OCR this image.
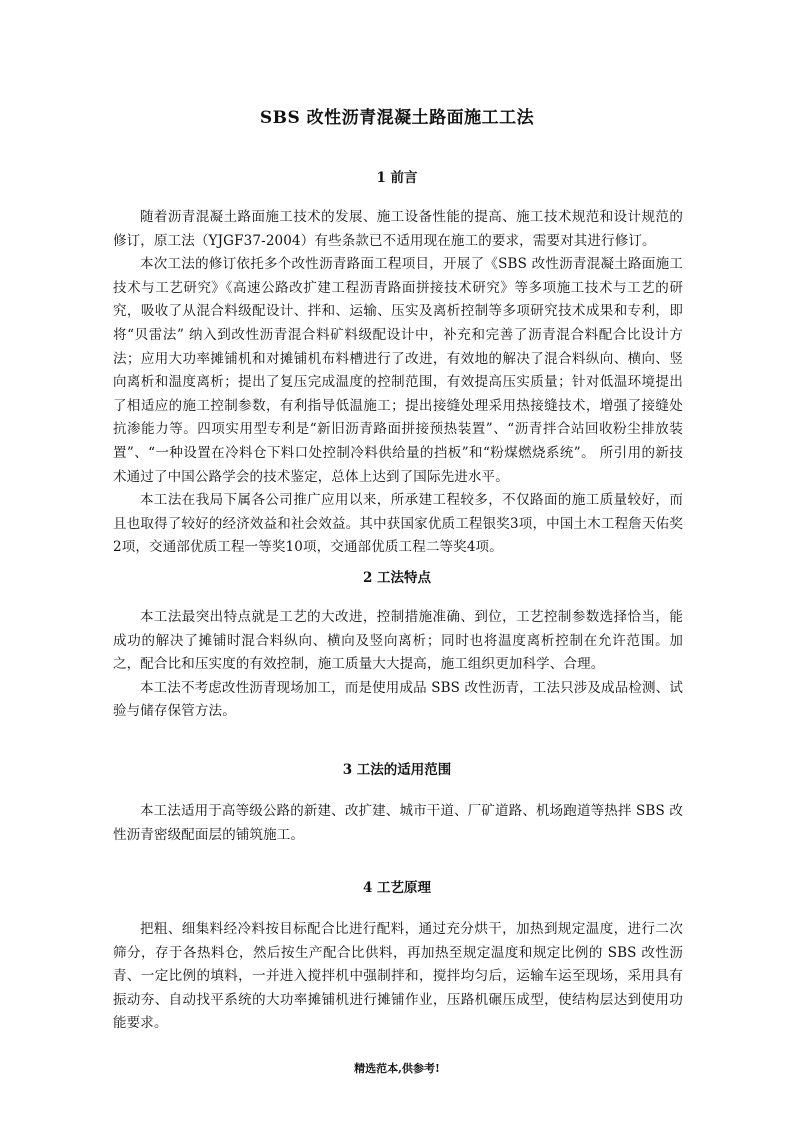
SBS 改性沥青混凝土路面施工工法
1 前言

随着沥青混凝土路面施工技术的发展、施工设备性能的提高、施工技术规范和设计规范的修订，原工法（YJGF37-2004）有些条款已不适用现在施工的要求，需要对其进行修订。

本次工法的修订依托多个改性沥青路面工程项目，开展了《SBS 改性沥青混凝土路面施工技术与工艺研究》《高速公路改扩建工程沥青路面拼接技术研究》等多项施工技术与工艺的研究，吸收了从混合料级配设计、拌和、运输、压实及离析控制等多项研究技术成果和专利，即将“贝雷法” 纳入到改性沥青混合料矿料级配设计中，补充和完善了沥青混合料配合比设计方法；应用大功率摊铺机和对摊铺机布料槽进行了改进，有效地的解决了混合料纵向、横向、竖向离析和温度离析；提出了复压完成温度的控制范围，有效提高压实质量；针对低温环境提出了相适应的施工控制参数，有利指导低温施工；提出接缝处理采用热接缝技术，增强了接缝处抗渗能力等。四项实用型专利是“新旧沥青路面拼接预热装置”、“沥青拌合站回收粉尘排放装置”、“一种设置在冷料仓下料口处控制冷料供给量的挡板”和“粉煤燃烧系统”。 所引用的新技术通过了中国公路学会的技术鉴定，总体上达到了国际先进水平。

本工法在我局下属各公司推广应用以来，所承建工程较多，不仅路面的施工质量较好，而且也取得了较好的经济效益和社会效益。其中获国家优质工程银奖3项，中国土木工程詹天佑奖2项，交通部优质工程一等奖10项，交通部优质工程二等奖4项。

2 工法特点

本工法最突出特点就是工艺的大改进，控制措施准确、到位，工艺控制参数选择恰当，能成功的解决了摊铺时混合料纵向、横向及竖向离析；同时也将温度离析控制在允许范围。加之，配合比和压实度的有效控制，施工质量大大提高，施工组织更加科学、合理。

本工法不考虑改性沥青现场加工，而是使用成品 SBS 改性沥青，工法只涉及成品检测、试验与储存保管方法。

3 工法的适用范围

本工法适用于高等级公路的新建、改扩建、城市干道、厂矿道路、机场跑道等热拌 SBS 改性沥青密级配面层的铺筑施工。

4 工艺原理

把粗、细集料经冷料按目标配合比进行配料，通过充分烘干，加热到规定温度，进行二次筛分，存于各热料仓，然后按生产配合比供料，再加热至规定温度和规定比例的 SBS 改性沥青、一定比例的填料，一并进入搅拌机中强制拌和，搅拌均匀后，运输车运至现场，采用具有振动夯、自动找平系统的大功率摊铺机进行摊铺作业，压路机碾压成型，使结构层达到使用功能要求。

精选范本,供参考!
